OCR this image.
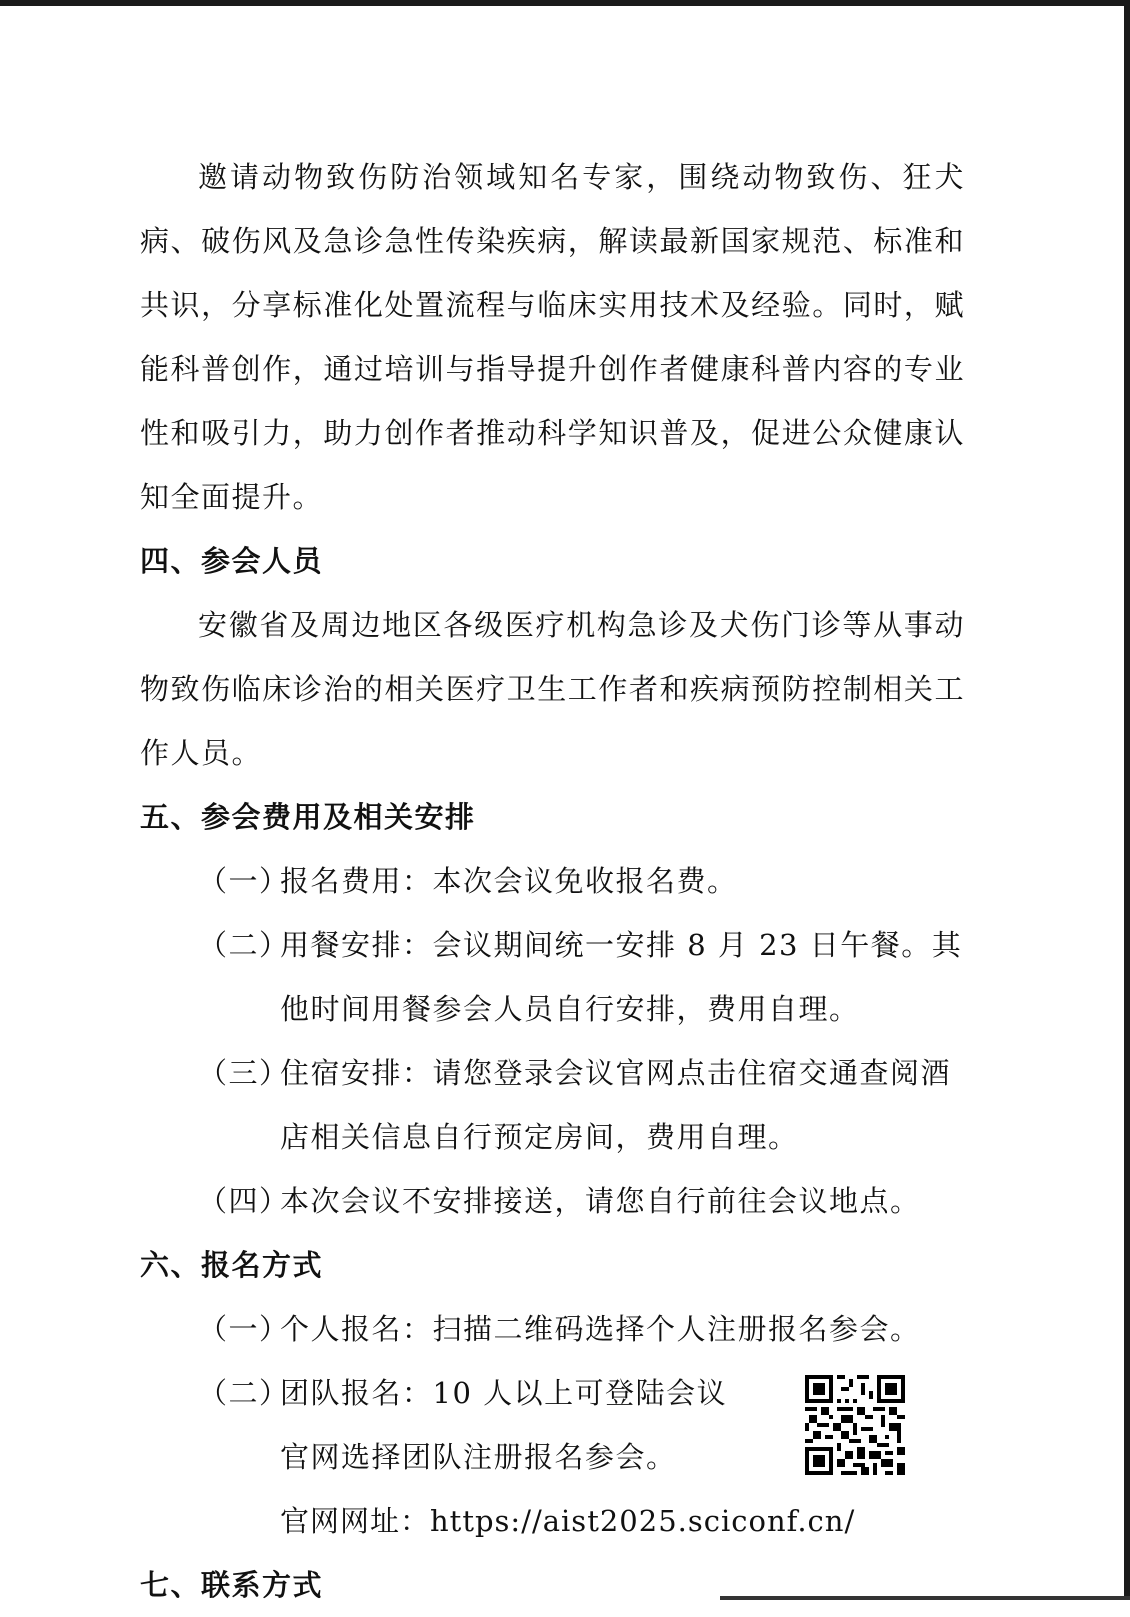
邀请动物致伤防治领域知名专家，围绕动物致伤、狂犬病、破伤风及急诊急性传染疾病，解读最新国家规范、标准和共识，分享标准化处置流程与临床实用技术及经验。同时，赋能科普创作，通过培训与指导提升创作者健康科普内容的专业性和吸引力，助力创作者推动科学知识普及，促进公众健康认知全面提升。

四、参会人员

安徽省及周边地区各级医疗机构急诊及犬伤门诊等从事动物致伤临床诊治的相关医疗卫生工作者和疾病预防控制相关工作人员。

五、参会费用及相关安排

（一）
报名费用：本次会议免收报名费。
（二）
用餐安排：会议期间统一安排 8 月 23 日午餐。其他时间用餐参会人员自行安排，费用自理。
（三）
住宿安排：请您登录会议官网点击住宿交通查阅酒店相关信息自行预定房间，费用自理。
（四）
本次会议不安排接送，请您自行前往会议地点。

六、报名方式

（一）
个人报名：扫描二维码选择个人注册报名参会。
（二）
团队报名：10 人以上可登陆会议官网选择团队注册报名参会。

官网网址：https://aist2025.sciconf.cn/

七、联系方式
